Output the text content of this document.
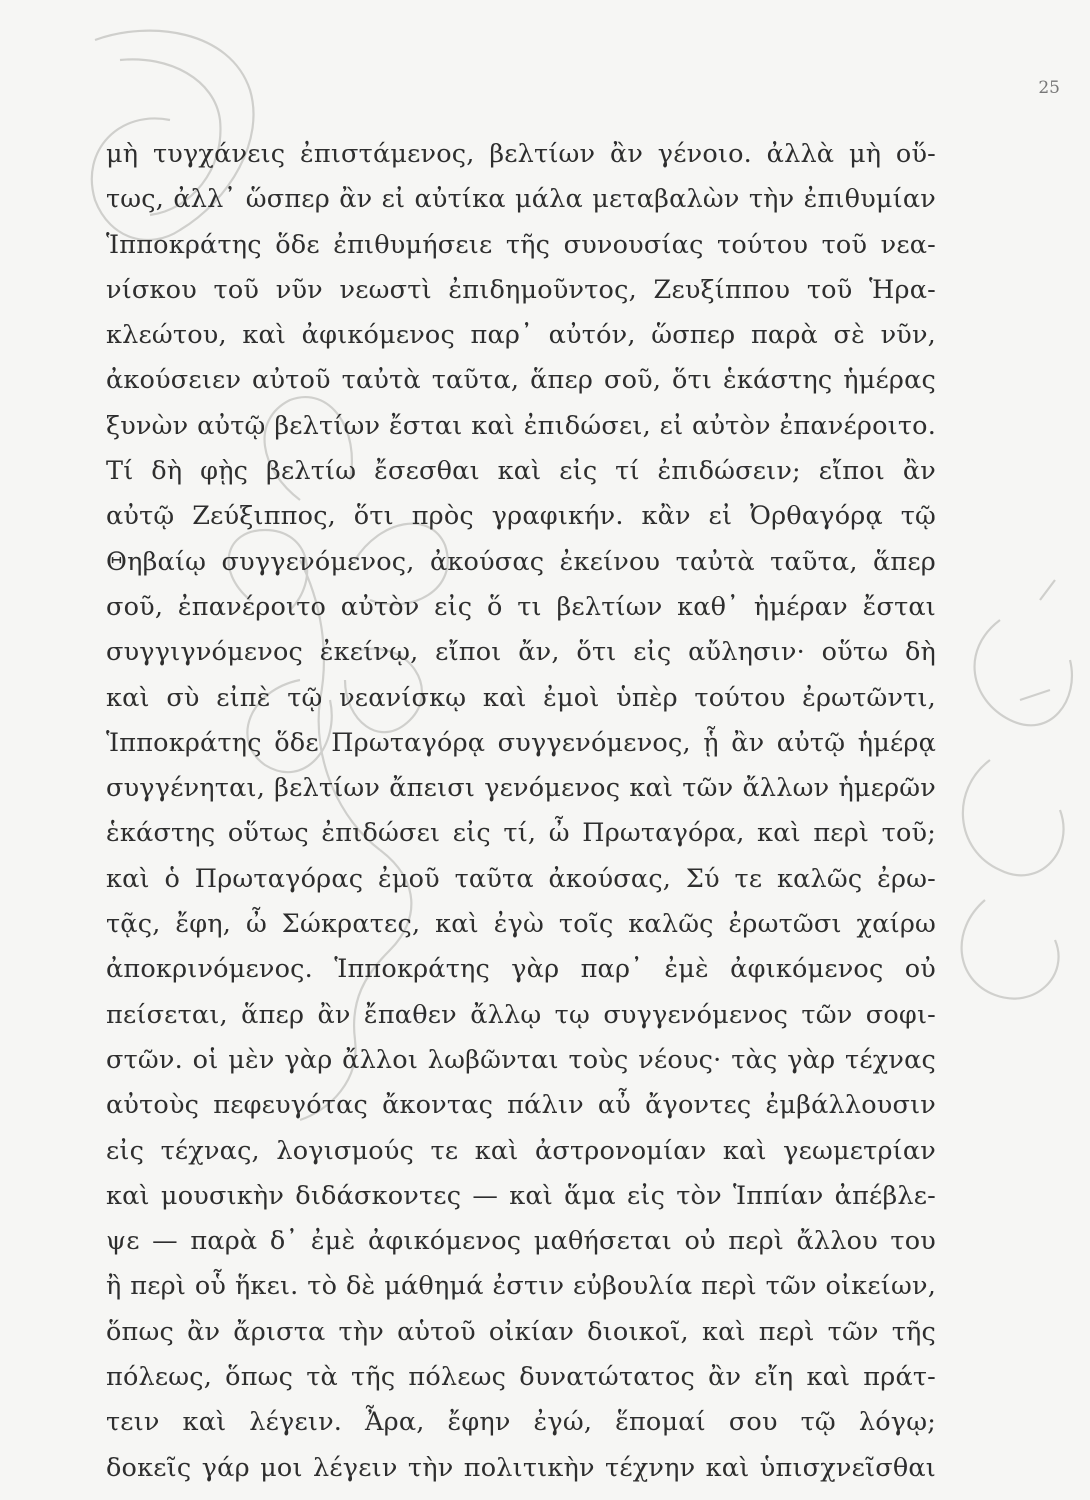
25
μὴ τυγχάνεις ἐπιστάμενος, βελτίων ἂν γένοιο. ἀλλὰ μὴ οὕ-
τως, ἀλλ᾽ ὥσπερ ἂν εἰ αὐτίκα μάλα μεταβαλὼν τὴν ἐπιθυμίαν
Ἱπποκράτης ὅδε ἐπιθυμήσειε τῆς συνουσίας τούτου τοῦ νεα-
νίσκου τοῦ νῦν νεωστὶ ἐπιδημοῦντος, Ζευξίππου τοῦ Ἡρα-
κλεώτου, καὶ ἀφικόμενος παρ᾽ αὐτόν, ὥσπερ παρὰ σὲ νῦν,
ἀκούσειεν αὐτοῦ ταὐτὰ ταῦτα, ἅπερ σοῦ, ὅτι ἑκάστης ἡμέρας
ξυνὼν αὐτῷ βελτίων ἔσται καὶ ἐπιδώσει, εἰ αὐτὸν ἐπανέροιτο.
Τί δὴ φῂς βελτίω ἔσεσθαι καὶ εἰς τί ἐπιδώσειν; εἴποι ἂν
αὐτῷ Ζεύξιππος, ὅτι πρὸς γραφικήν. κἂν εἰ Ὀρθαγόρᾳ τῷ
Θηβαίῳ συγγενόμενος, ἀκούσας ἐκείνου ταὐτὰ ταῦτα, ἅπερ
σοῦ, ἐπανέροιτο αὐτὸν εἰς ὅ τι βελτίων καθ᾽ ἡμέραν ἔσται
συγγιγνόμενος ἐκείνῳ, εἴποι ἄν, ὅτι εἰς αὔλησιν· οὕτω δὴ
καὶ σὺ εἰπὲ τῷ νεανίσκῳ καὶ ἐμοὶ ὑπὲρ τούτου ἐρωτῶντι,
Ἱπποκράτης ὅδε Πρωταγόρᾳ συγγενόμενος, ᾗ ἂν αὐτῷ ἡμέρᾳ
συγγένηται, βελτίων ἄπεισι γενόμενος καὶ τῶν ἄλλων ἡμερῶν
ἑκάστης οὕτως ἐπιδώσει εἰς τί, ὦ Πρωταγόρα, καὶ περὶ τοῦ;
καὶ ὁ Πρωταγόρας ἐμοῦ ταῦτα ἀκούσας, Σύ τε καλῶς ἐρω-
τᾷς, ἔφη, ὦ Σώκρατες, καὶ ἐγὼ τοῖς καλῶς ἐρωτῶσι χαίρω
ἀποκρινόμενος. Ἱπποκράτης γὰρ παρ᾽ ἐμὲ ἀφικόμενος οὐ
πείσεται, ἅπερ ἂν ἔπαθεν ἄλλῳ τῳ συγγενόμενος τῶν σοφι-
στῶν. οἱ μὲν γὰρ ἄλλοι λωβῶνται τοὺς νέους· τὰς γὰρ τέχνας
αὐτοὺς πεφευγότας ἄκοντας πάλιν αὖ ἄγοντες ἐμβάλλουσιν
εἰς τέχνας, λογισμούς τε καὶ ἀστρονομίαν καὶ γεωμετρίαν
καὶ μουσικὴν διδάσκοντες — καὶ ἅμα εἰς τὸν Ἱππίαν ἀπέβλε-
ψε — παρὰ δ᾽ ἐμὲ ἀφικόμενος μαθήσεται οὐ περὶ ἄλλου του
ἢ περὶ οὗ ἥκει. τὸ δὲ μάθημά ἐστιν εὐβουλία περὶ τῶν οἰκείων,
ὅπως ἂν ἄριστα τὴν αὑτοῦ οἰκίαν διοικοῖ, καὶ περὶ τῶν τῆς
πόλεως, ὅπως τὰ τῆς πόλεως δυνατώτατος ἂν εἴη καὶ πράτ-
τειν καὶ λέγειν. Ἆρα, ἔφην ἐγώ, ἕπομαί σου τῷ λόγῳ;
δοκεῖς γάρ μοι λέγειν τὴν πολιτικὴν τέχνην καὶ ὑπισχνεῖσθαι
